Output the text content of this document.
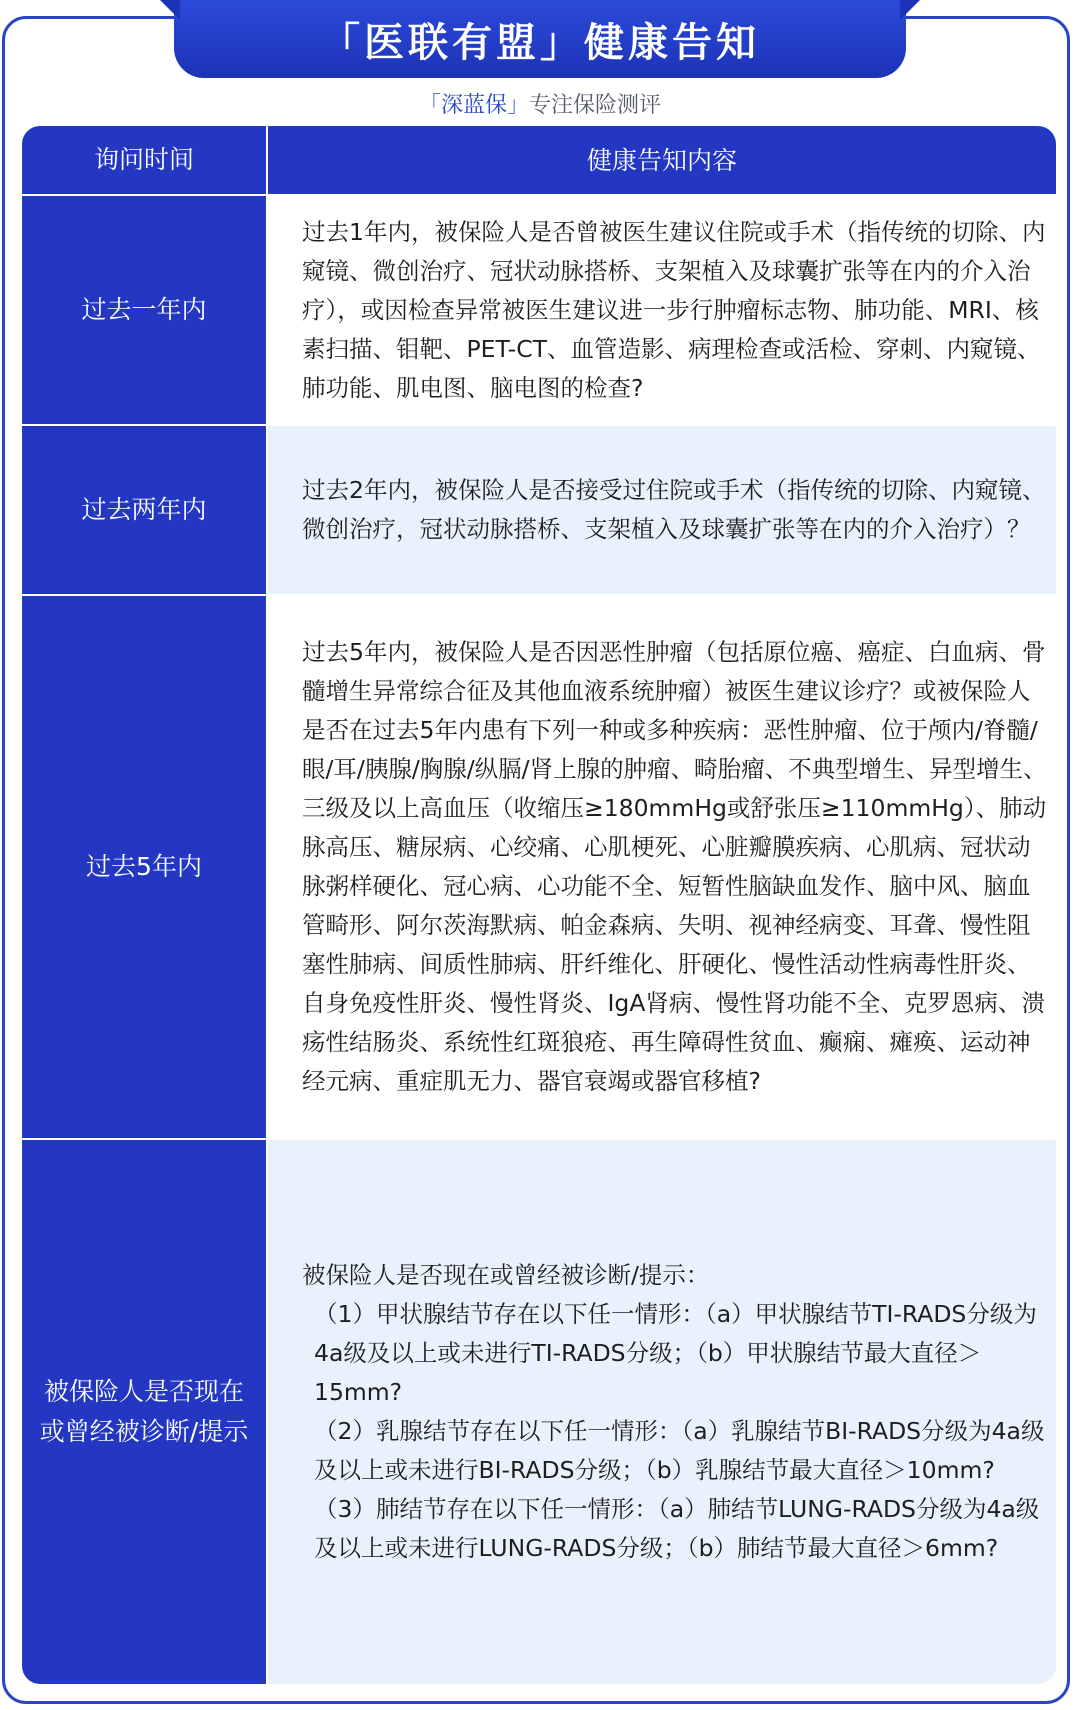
「医联有盟」健康告知
「深蓝保」专注保险测评
询问时间	健康告知内容
过去一年内
过去1年内，被保险人是否曾被医生建议住院或手术（指传统的切除、内窥镜、微创治疗、冠状动脉搭桥、支架植入及球囊扩张等在内的介入治疗），或因检查异常被医生建议进一步行肿瘤标志物、肺功能、MRI、核素扫描、钼靶、PET-CT、血管造影、病理检查或活检、穿刺、内窥镜、肺功能、肌电图、脑电图的检查?
过去两年内
过去2年内，被保险人是否接受过住院或手术（指传统的切除、内窥镜、微创治疗，冠状动脉搭桥、支架植入及球囊扩张等在内的介入治疗）？
过去5年内
过去5年内，被保险人是否因恶性肿瘤（包括原位癌、癌症、白血病、骨髓增生异常综合征及其他血液系统肿瘤）被医生建议诊疗？或被保险人是否在过去5年内患有下列一种或多种疾病：恶性肿瘤、位于颅内/脊髓/眼/耳/胰腺/胸腺/纵膈/肾上腺的肿瘤、畸胎瘤、不典型增生、异型增生、三级及以上高血压（收缩压≥180mmHg或舒张压≥110mmHg）、肺动脉高压、糖尿病、心绞痛、心肌梗死、心脏瓣膜疾病、心肌病、冠状动脉粥样硬化、冠心病、心功能不全、短暂性脑缺血发作、脑中风、脑血管畸形、阿尔茨海默病、帕金森病、失明、视神经病变、耳聋、慢性阻塞性肺病、间质性肺病、肝纤维化、肝硬化、慢性活动性病毒性肝炎、自身免疫性肝炎、慢性肾炎、IgA肾病、慢性肾功能不全、克罗恩病、溃疡性结肠炎、系统性红斑狼疮、再生障碍性贫血、癫痫、瘫痪、运动神经元病、重症肌无力、器官衰竭或器官移植?
被保险人是否现在或曾经被诊断/提示
被保险人是否现在或曾经被诊断/提示：
（1）甲状腺结节存在以下任一情形：（a）甲状腺结节TI-RADS分级为4a级及以上或未进行TI-RADS分级；（b）甲状腺结节最大直径＞15mm?
（2）乳腺结节存在以下任一情形：（a）乳腺结节BI-RADS分级为4a级及以上或未进行BI-RADS分级；（b）乳腺结节最大直径＞10mm?
（3）肺结节存在以下任一情形：（a）肺结节LUNG-RADS分级为4a级及以上或未进行LUNG-RADS分级；（b）肺结节最大直径＞6mm?
